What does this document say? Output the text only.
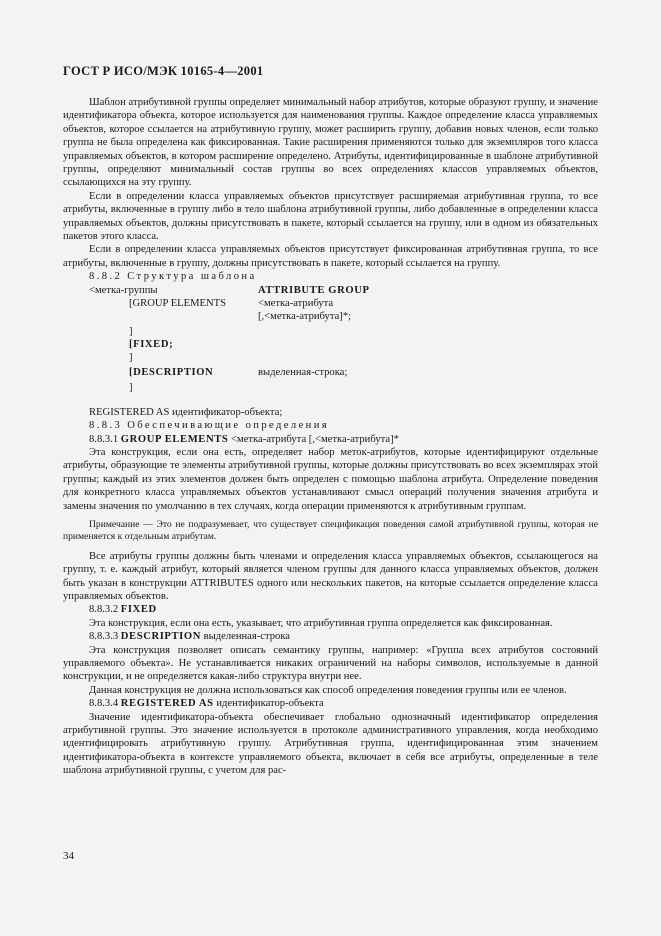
ГОСТ Р ИСО/МЭК 10165-4—2001

Шаблон атрибутивной группы определяет минимальный набор атрибутов, которые образуют группу, и значение идентификатора объекта, которое используется для наименования группы. Каждое определение класса управляемых объектов, которое ссылается на атрибутивную группу, может расширить группу, добавив новых членов, если только группа не была определена как фиксированная. Такие расширения применяются только для экземпляров того класса управляемых объектов, в котором расширение определено. Атрибуты, идентифицированные в шаблоне атрибутивной группы, определяют минимальный состав группы во всех определениях классов управляемых объектов, ссылающихся на эту группу.

Если в определении класса управляемых объектов присутствует расширяемая атрибутивная группа, то все атрибуты, включенные в группу либо в тело шаблона атрибутивной группы, либо добавленные в определении класса управляемых объектов, должны присутствовать в пакете, который ссылается на группу, или в одном из обязательных пакетов этого класса.

Если в определении класса управляемых объектов присутствует фиксированная атрибутивная группа, то все атрибуты, включенные в группу, должны присутствовать в пакете, который ссылается на группу.

8.8.2 Структура шаблона

<метка-группы	ATTRIBUTE GROUP
[GROUP ELEMENTS	<метка-атрибута
[,<метка-атрибута]*;
]
[FIXED;
]
[DESCRIPTION	выделенная-строка;
]

REGISTERED AS идентификатор-объекта;

8.8.3 Обеспечивающие определения

8.8.3.1 GROUP ELEMENTS <метка-атрибута [,<метка-атрибута]*

Эта конструкция, если она есть, определяет набор меток-атрибутов, которые идентифицируют отдельные атрибуты, образующие те элементы атрибутивной группы, которые должны присутствовать во всех экземплярах этой группы; каждый из этих элементов должен быть определен с помощью шаблона атрибута. Определение поведения для конкретного класса управляемых объектов устанавливают смысл операций получения значения атрибута и замены значения по умолчанию в тех случаях, когда операции применяются к атрибутивным группам.

Примечание — Это не подразумевает, что существует спецификация поведения самой атрибутивной группы, которая не применяется к отдельным атрибутам.

Все атрибуты группы должны быть членами и определения класса управляемых объектов, ссылающегося на группу, т. е. каждый атрибут, который является членом группы для данного класса управляемых объектов, должен быть указан в конструкции ATTRIBUTES одного или нескольких пакетов, на которые ссылается определение класса управляемых объектов.

8.8.3.2 FIXED

Эта конструкция, если она есть, указывает, что атрибутивная группа определяется как фиксированная.

8.8.3.3 DESCRIPTION выделенная-строка

Эта конструкция позволяет описать семантику группы, например: «Группа всех атрибутов состояний управляемого объекта». Не устанавливается никаких ограничений на наборы символов, используемые в данной конструкции, и не определяется какая-либо структура внутри нее.

Данная конструкция не должна использоваться как способ определения поведения группы или ее членов.

8.8.3.4 REGISTERED AS идентификатор-объекта

Значение идентификатора-объекта обеспечивает глобально однозначный идентификатор определения атрибутивной группы. Это значение используется в протоколе административного управления, когда необходимо идентифицировать атрибутивную группу. Атрибутивная группа, идентифицированная этим значением идентификатора-объекта в контексте управляемого объекта, включает в себя все атрибуты, определенные в теле шаблона атрибутивной группы, с учетом для рас-

34
